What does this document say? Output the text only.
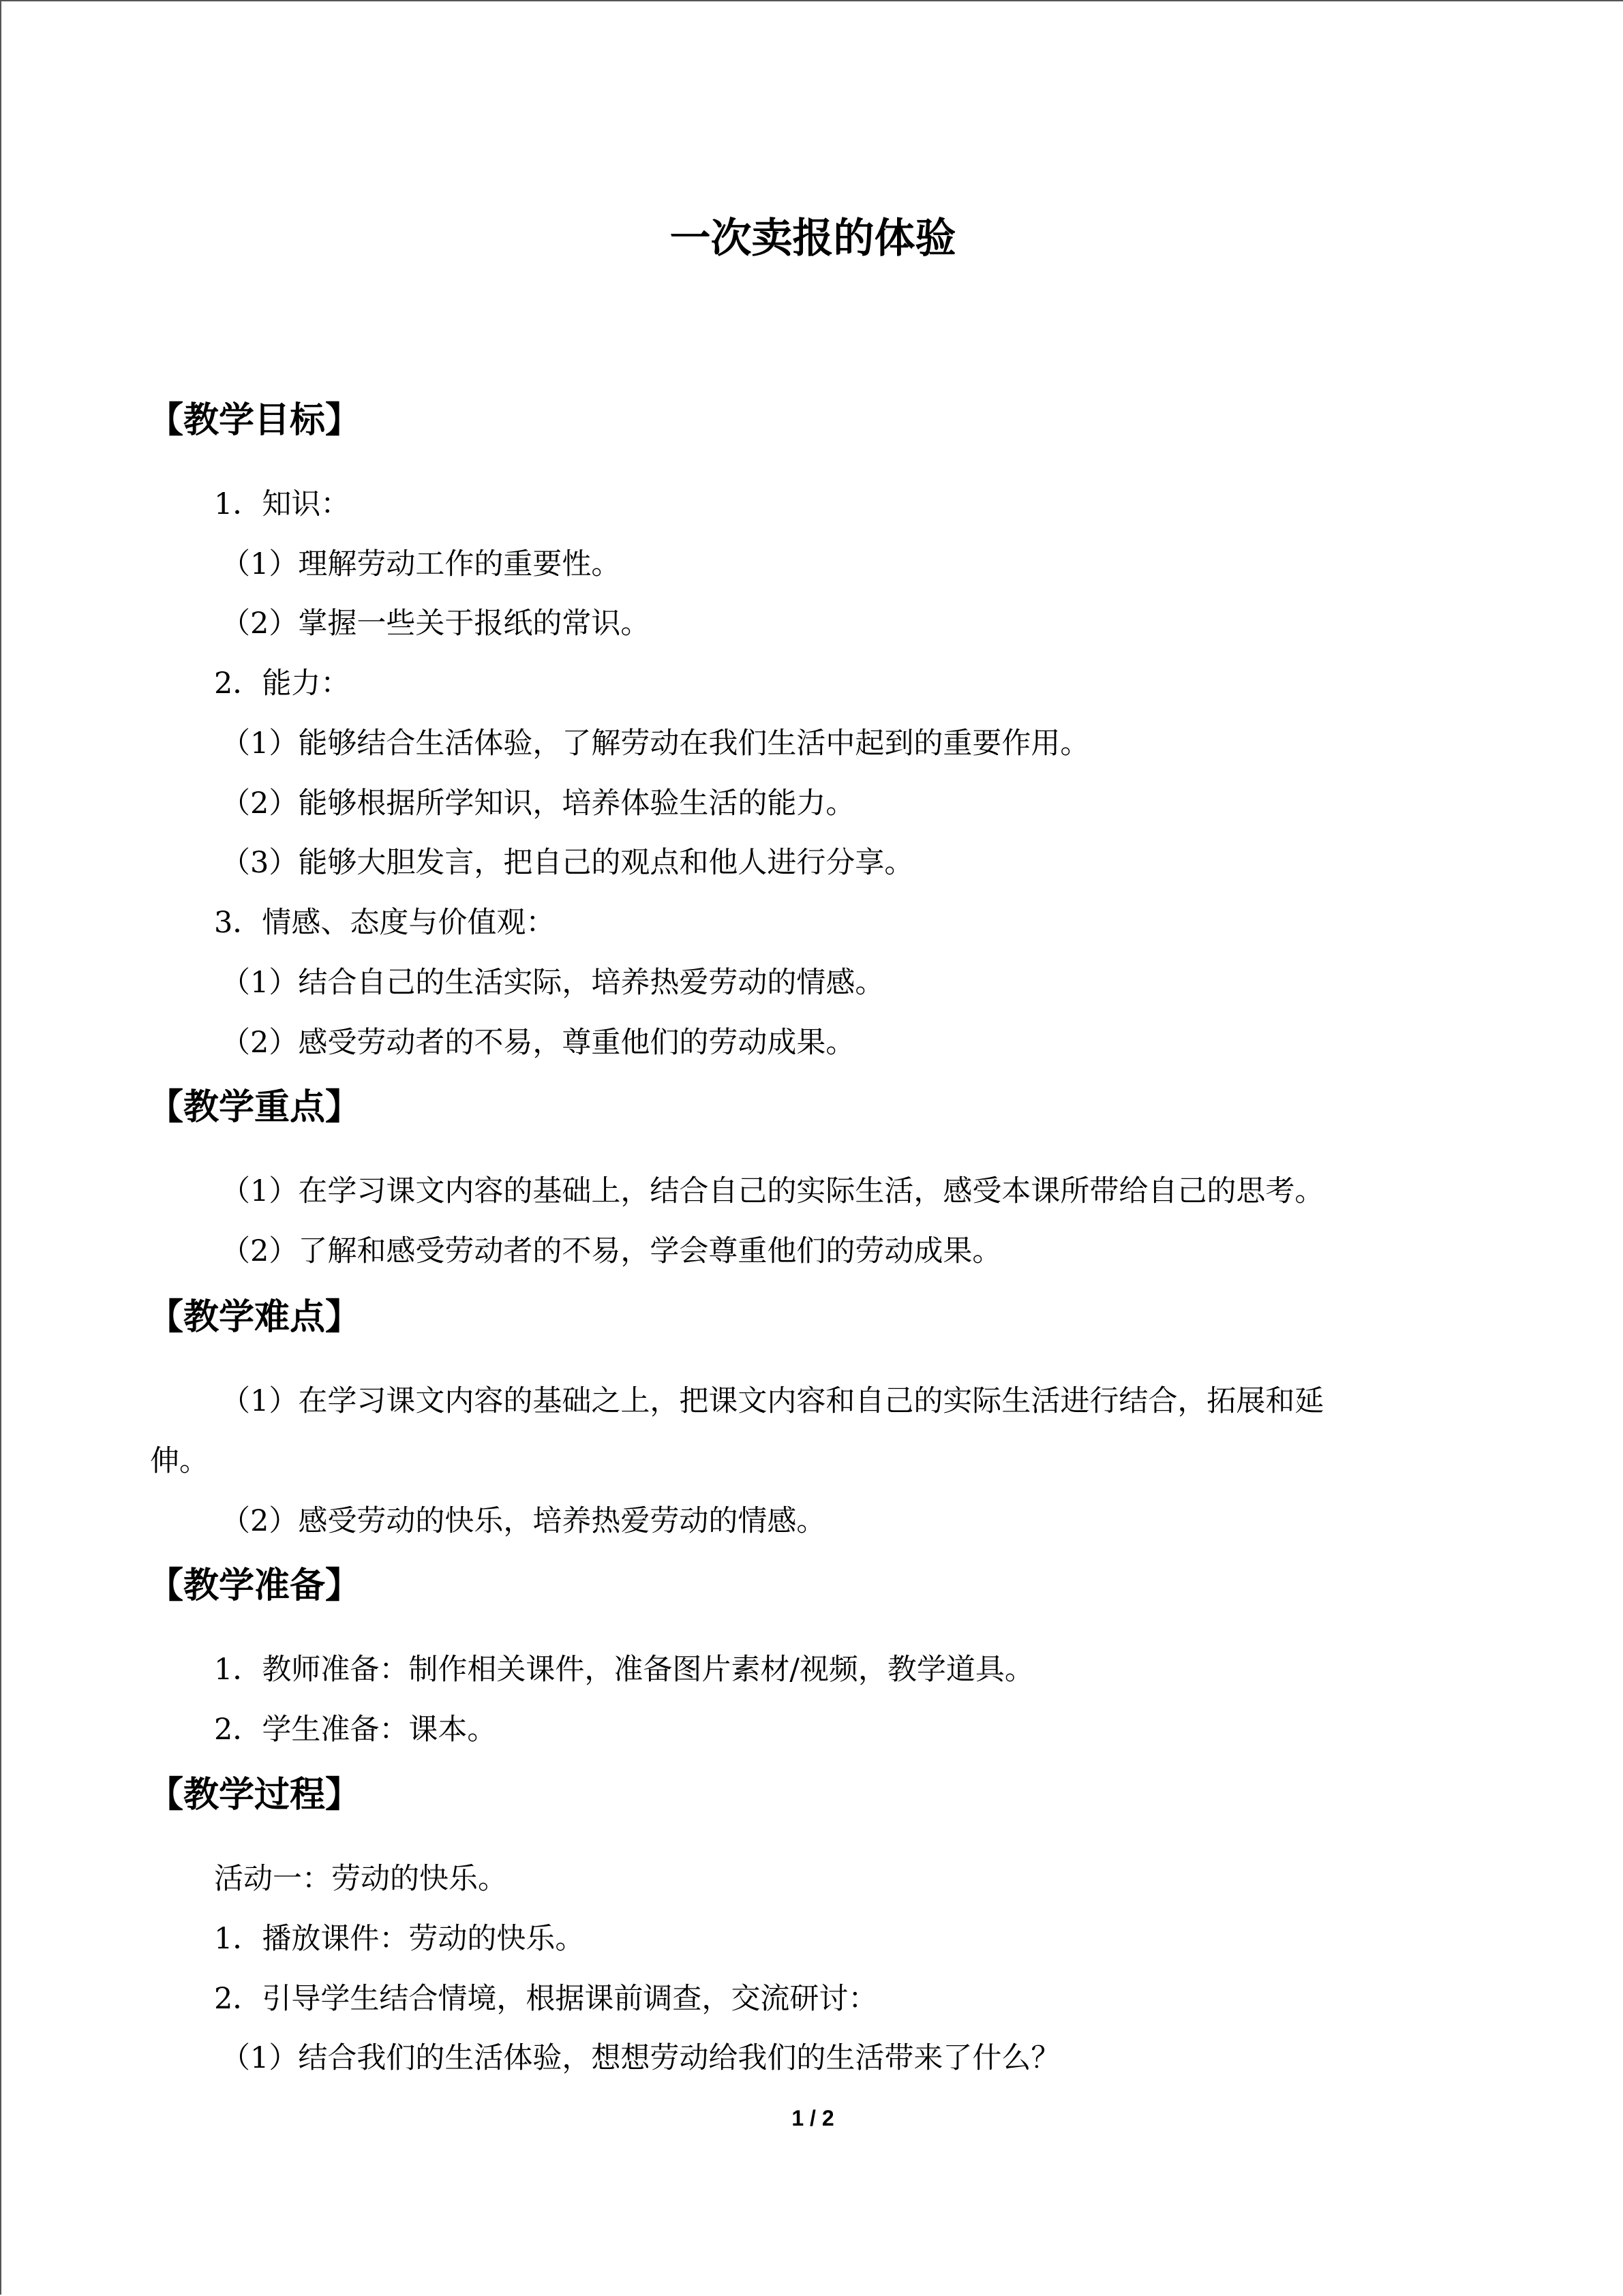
一次卖报的体验
【教学目标】
1．知识：
（1）理解劳动工作的重要性。
（2）掌握一些关于报纸的常识。
2．能力：
（1）能够结合生活体验，了解劳动在我们生活中起到的重要作用。
（2）能够根据所学知识，培养体验生活的能力。
（3）能够大胆发言，把自己的观点和他人进行分享。
3．情感、态度与价值观：
（1）结合自己的生活实际，培养热爱劳动的情感。
（2）感受劳动者的不易，尊重他们的劳动成果。
【教学重点】
（1）在学习课文内容的基础上，结合自己的实际生活，感受本课所带给自己的思考。
（2）了解和感受劳动者的不易，学会尊重他们的劳动成果。
【教学难点】
（1）在学习课文内容的基础之上，把课文内容和自己的实际生活进行结合，拓展和延
伸。
（2）感受劳动的快乐，培养热爱劳动的情感。
【教学准备】
1．教师准备：制作相关课件，准备图片素材/视频，教学道具。
2．学生准备：课本。
【教学过程】
活动一：劳动的快乐。
1．播放课件：劳动的快乐。
2．引导学生结合情境，根据课前调查，交流研讨：
（1）结合我们的生活体验，想想劳动给我们的生活带来了什么？
1 / 2
